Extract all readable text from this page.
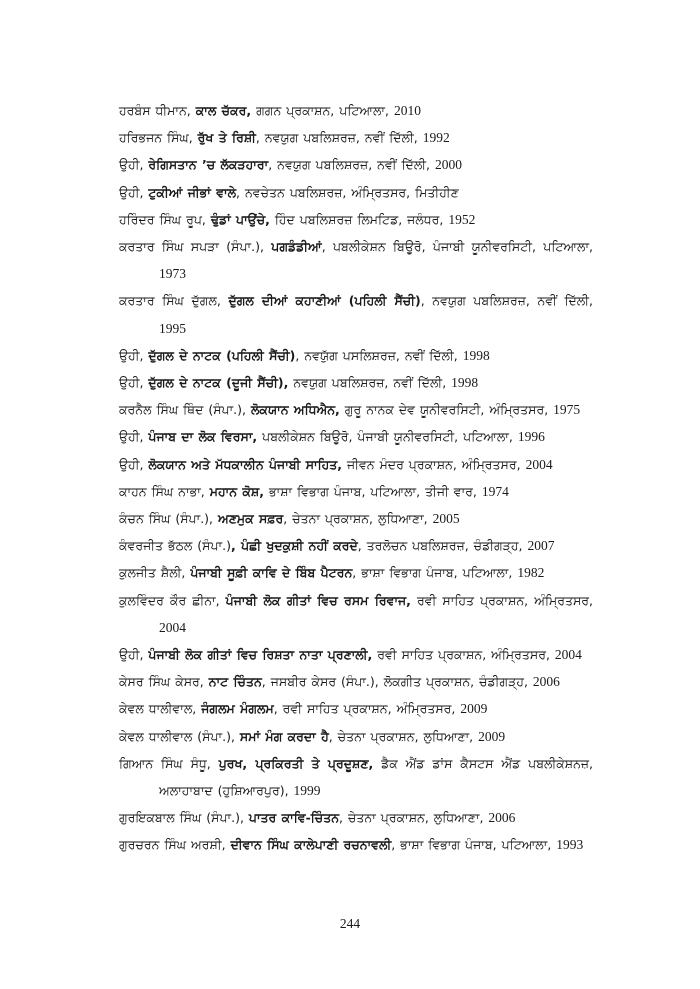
ਹਰਬੰਸ ਧੀਮਾਨ, ਕਾਲ ਚੱਕਰ, ਗਗਨ ਪ੍ਰਕਾਸ਼ਨ, ਪਟਿਆਲਾ, 2010
ਹਰਿਭਜਨ ਸਿੰਘ, ਰੁੱਖ ਤੇ ਰਿਸ਼ੀ, ਨਵਯੁਗ ਪਬਲਿਸ਼ਰਜ਼, ਨਵੀਂ ਦਿੱਲੀ, 1992
ਉਹੀ, ਰੇਗਿਸਤਾਨ ’ਚ ਲੱਕੜਹਾਰਾ, ਨਵਯੁਗ ਪਬਲਿਸ਼ਰਜ਼, ਨਵੀਂ ਦਿੱਲੀ, 2000
ਉਹੀ, ਟੁਕੀਆਂ ਜੀਭਾਂ ਵਾਲੇ, ਨਵਚੇਤਨ ਪਬਲਿਸ਼ਰਜ਼, ਅੰਮ੍ਰਿਤਸਰ, ਮਿਤੀਹੀਣ
ਹਰਿੰਦਰ ਸਿੰਘ ਰੂਪ, ਢੁੰਡਾਂ ਪਾਉਂਚੇ, ਹਿੰਦ ਪਬਲਿਸ਼ਰਜ਼ ਲਿਮਟਿਡ, ਜਲੰਧਰ, 1952
ਕਰਤਾਰ ਸਿੰਘ ਸਪੜਾ (ਸੰਪਾ.), ਪਗਡੰਡੀਆਂ, ਪਬਲੀਕੇਸ਼ਨ ਬਿਊਰੋ, ਪੰਜਾਬੀ ਯੂਨੀਵਰਸਿਟੀ, ਪਟਿਆਲਾ, 1973
ਕਰਤਾਰ ਸਿੰਘ ਦੁੱਗਲ, ਦੁੱਗਲ ਦੀਆਂ ਕਹਾਣੀਆਂ (ਪਹਿਲੀ ਸੈਂਚੀ), ਨਵਯੁਗ ਪਬਲਿਸ਼ਰਜ਼, ਨਵੀਂ ਦਿੱਲੀ, 1995
ਉਹੀ, ਦੁੱਗਲ ਦੇ ਨਾਟਕ (ਪਹਿਲੀ ਸੈਂਚੀ), ਨਵਯੁੱਗ ਪਸਲਿਸ਼ਰਜ਼, ਨਵੀਂ ਦਿੱਲੀ, 1998
ਉਹੀ, ਦੁੱਗਲ ਦੇ ਨਾਟਕ (ਦੂਜੀ ਸੈਂਚੀ), ਨਵਯੁਗ ਪਬਲਿਸ਼ਰਜ਼, ਨਵੀਂ ਦਿੱਲੀ, 1998
ਕਰਨੈਲ ਸਿੰਘ ਥਿੰਦ (ਸੰਪਾ.), ਲੋਕਯਾਨ ਅਧਿਐਨ, ਗੁਰੂ ਨਾਨਕ ਦੇਵ ਯੂਨੀਵਰਸਿਟੀ, ਅੰਮ੍ਰਿਤਸਰ, 1975
ਉਹੀ, ਪੰਜਾਬ ਦਾ ਲੋਕ ਵਿਰਸਾ, ਪਬਲੀਕੇਸ਼ਨ ਬਿਊਰੋ, ਪੰਜਾਬੀ ਯੂਨੀਵਰਸਿਟੀ, ਪਟਿਆਲਾ, 1996
ਉਹੀ, ਲੋਕਯਾਨ ਅਤੇ ਮੱਧਕਾਲੀਨ ਪੰਜਾਬੀ ਸਾਹਿਤ, ਜੀਵਨ ਮੰਦਰ ਪ੍ਰਕਾਸ਼ਨ, ਅੰਮ੍ਰਿਤਸਰ, 2004
ਕਾਹਨ ਸਿੰਘ ਨਾਭਾ, ਮਹਾਨ ਕੋਸ਼, ਭਾਸ਼ਾ ਵਿਭਾਗ ਪੰਜਾਬ, ਪਟਿਆਲਾ, ਤੀਜੀ ਵਾਰ, 1974
ਕੰਚਨ ਸਿੰਘ (ਸੰਪਾ.), ਅਣਮੁਕ ਸਫ਼ਰ, ਚੇਤਨਾ ਪ੍ਰਕਾਸ਼ਨ, ਲੁਧਿਆਣਾ, 2005
ਕੰਵਰਜੀਤ ਭੱਠਲ (ਸੰਪਾ.), ਪੰਛੀ ਖੁਦਕੁਸ਼ੀ ਨਹੀਂ ਕਰਦੇ, ਤਰਲੋਚਨ ਪਬਲਿਸ਼ਰਜ਼, ਚੰਡੀਗੜ੍ਹ, 2007
ਕੁਲਜੀਤ ਸ਼ੈਲੀ, ਪੰਜਾਬੀ ਸੂਫ਼ੀ ਕਾਵਿ ਦੇ ਬਿੰਬ ਪੈਟਰਨ, ਭਾਸ਼ਾ ਵਿਭਾਗ ਪੰਜਾਬ, ਪਟਿਆਲਾ, 1982
ਕੁਲਵਿੰਦਰ ਕੌਰ ਛੀਨਾ, ਪੰਜਾਬੀ ਲੋਕ ਗੀਤਾਂ ਵਿਚ ਰਸਮ ਰਿਵਾਜ, ਰਵੀ ਸਾਹਿਤ ਪ੍ਰਕਾਸ਼ਨ, ਅੰਮ੍ਰਿਤਸਰ, 2004
ਉਹੀ, ਪੰਜਾਬੀ ਲੋਕ ਗੀਤਾਂ ਵਿਚ ਰਿਸ਼ਤਾ ਨਾਤਾ ਪ੍ਰਣਾਲੀ, ਰਵੀ ਸਾਹਿਤ ਪ੍ਰਕਾਸ਼ਨ, ਅੰਮ੍ਰਿਤਸਰ, 2004
ਕੇਸਰ ਸਿੰਘ ਕੇਸਰ, ਨਾਟ ਚਿੰਤਨ, ਜਸਬੀਰ ਕੇਸਰ (ਸੰਪਾ.), ਲੋਕਗੀਤ ਪ੍ਰਕਾਸ਼ਨ, ਚੰਡੀਗੜ੍ਹ, 2006
ਕੇਵਲ ਧਾਲੀਵਾਲ, ਜੰਗਲਮ ਮੰਗਲਮ, ਰਵੀ ਸਾਹਿਤ ਪ੍ਰਕਾਸ਼ਨ, ਅੰਮ੍ਰਿਤਸਰ, 2009
ਕੇਵਲ ਧਾਲੀਵਾਲ (ਸੰਪਾ.), ਸਮਾਂ ਮੰਗ ਕਰਦਾ ਹੈ, ਚੇਤਨਾ ਪ੍ਰਕਾਸ਼ਨ, ਲੁਧਿਆਣਾ, 2009
ਗਿਆਨ ਸਿੰਘ ਸੰਧੂ, ਪੁਰਖ, ਪ੍ਰਕਿਰਤੀ ਤੇ ਪ੍ਰਦੂਸ਼ਣ, ਡੈਕ ਐਂਡ ਡਾਂਸ ਕੈਸਟਸ ਐਂਡ ਪਬਲੀਕੇਸ਼ਨਜ਼, ਅਲਾਹਾਬਾਦ (ਹੁਸ਼ਿਆਰਪੁਰ), 1999
ਗੁਰਇਕਬਾਲ ਸਿੰਘ (ਸੰਪਾ.), ਪਾਤਰ ਕਾਵਿ-ਚਿੰਤਨ, ਚੇਤਨਾ ਪ੍ਰਕਾਸ਼ਨ, ਲੁਧਿਆਣਾ, 2006
ਗੁਰਚਰਨ ਸਿੰਘ ਅਰਸ਼ੀ, ਦੀਵਾਨ ਸਿੰਘ ਕਾਲੇਪਾਣੀ ਰਚਨਾਵਲੀ, ਭਾਸ਼ਾ ਵਿਭਾਗ ਪੰਜਾਬ, ਪਟਿਆਲਾ, 1993
244
